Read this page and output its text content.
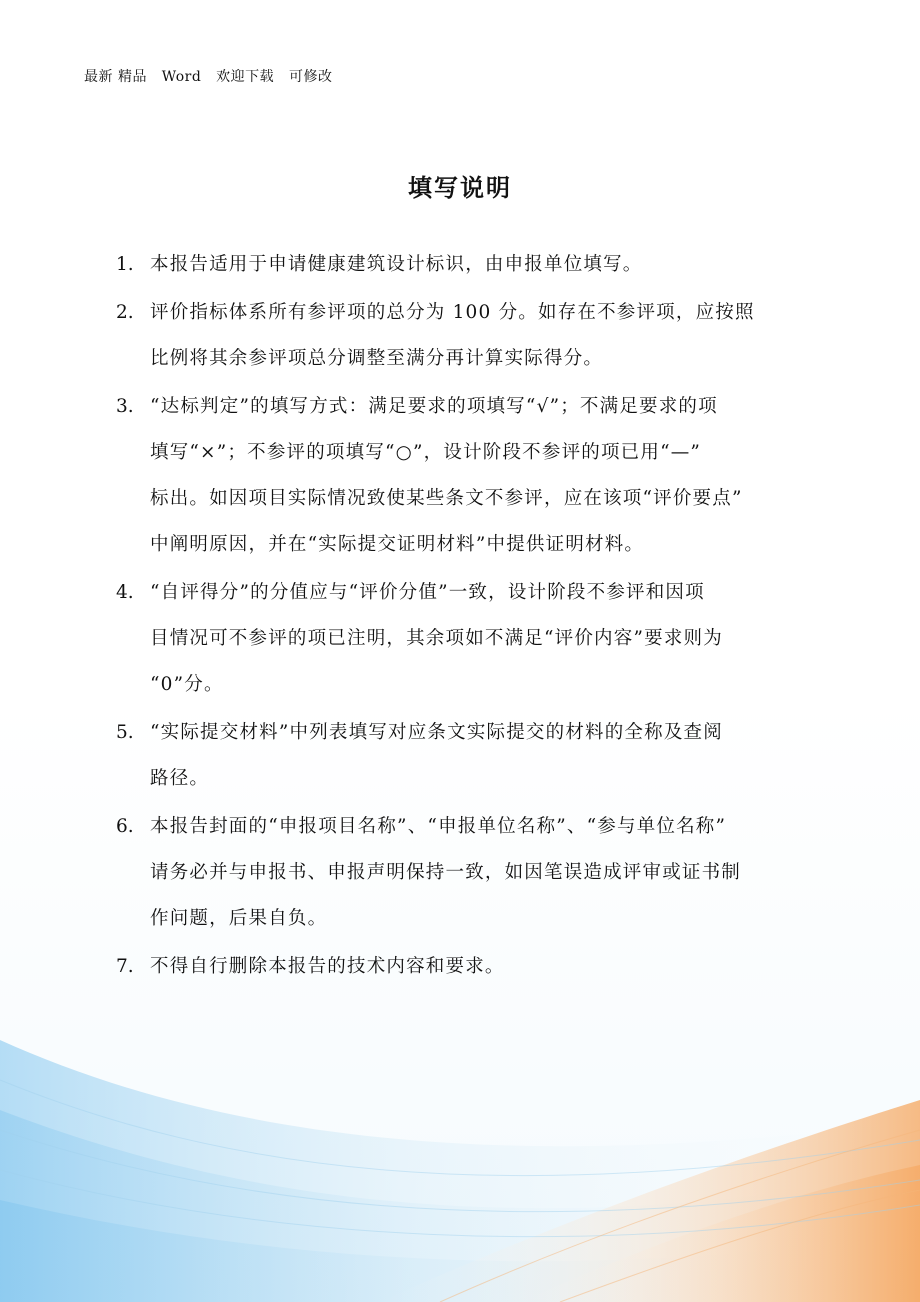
最新 精品   Word   欢迎下载   可修改
填写说明
1. 本报告适用于申请健康建筑设计标识，由申报单位填写。
2. 评价指标体系所有参评项的总分为 100 分。如存在不参评项，应按照
比例将其余参评项总分调整至满分再计算实际得分。
3. “达标判定”的填写方式：满足要求的项填写“√”；不满足要求的项
填写“×”；不参评的项填写“○”，设计阶段不参评的项已用“—”
标出。如因项目实际情况致使某些条文不参评，应在该项“评价要点”
中阐明原因，并在“实际提交证明材料”中提供证明材料。
4. “自评得分”的分值应与“评价分值”一致，设计阶段不参评和因项
目情况可不参评的项已注明，其余项如不满足“评价内容”要求则为
“0”分。
5. “实际提交材料”中列表填写对应条文实际提交的材料的全称及查阅
路径。
6. 本报告封面的“申报项目名称”、“申报单位名称”、“参与单位名称”
请务必并与申报书、申报声明保持一致，如因笔误造成评审或证书制
作问题，后果自负。
7. 不得自行删除本报告的技术内容和要求。
